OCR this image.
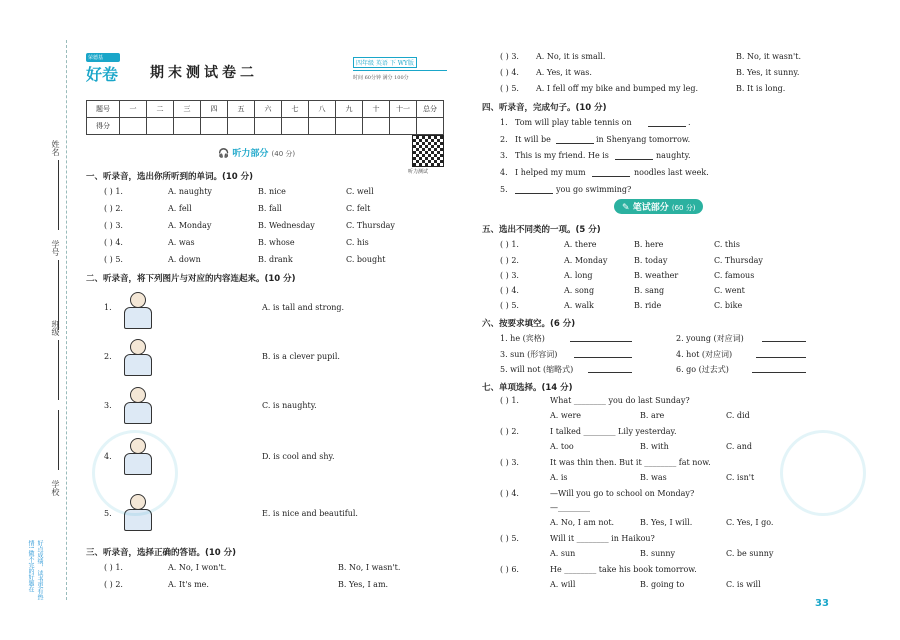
姓名
学号
班级
学校
好点成绩，读书更有热情! 做不完的好题在
荣德基
好卷 期末测试卷二
四年级 英语 下 WY版
时间 60分钟 满分 100分
题号	一	二	三	四	五	六	七	八	九	十	十一	总分
得分												
听力测试
🎧 听力部分 (40 分)
一、听录音，选出你所听到的单词。(10 分)
( ) 1.	A. naughty	B. nice	C. well
( ) 2.	A. fell	B. fall	C. felt
( ) 3.	A. Monday	B. Wednesday	C. Thursday
( ) 4.	A. was	B. whose	C. his
( ) 5.	A. down	B. drank	C. bought
二、听录音，将下列图片与对应的内容连起来。(10 分)
1.	A. is tall and strong.
2.	B. is a clever pupil.
3.	C. is naughty.
4.	D. is cool and shy.
5.	E. is nice and beautiful.
三、听录音，选择正确的答语。(10 分)
( ) 1.	A. No, I won't.	B. No, I wasn't.
( ) 2.	A. It's me.	B. Yes, I am.
( ) 3. A. No, it is small.	B. No, it wasn't.
( ) 4. A. Yes, it was.	B. Yes, it sunny.
( ) 5. A. I fell off my bike and bumped my leg.	B. It is long.
四、听录音，完成句子。(10 分)
1. Tom will play table tennis on	.
2. It will be	in Shenyang tomorrow.
3. This is my friend. He is	naughty.
4. I helped my mum	noodles last week.
5.	you go swimming?
✎ 笔试部分 (60 分)
五、选出不同类的一项。(5 分)
( ) 1.	A. there	B. here	C. this
( ) 2.	A. Monday	B. today	C. Thursday
( ) 3.	A. long	B. weather	C. famous
( ) 4.	A. song	B. sang	C. went
( ) 5.	A. walk	B. ride	C. bike
六、按要求填空。(6 分)
1. he (宾格)	2. young (对应词)
3. sun (形容词)	4. hot (对应词)
5. will not (缩略式)	6. go (过去式)
七、单项选择。(14 分)
( ) 1.	What ________ you do last Sunday?
A. were	B. are	C. did
( ) 2.	I talked ________ Lily yesterday.
A. too	B. with	C. and
( ) 3.	It was thin then. But it ________ fat now.
A. is	B. was	C. isn't
( ) 4.	—Will you go to school on Monday?
—________
A. No, I am not.	B. Yes, I will.	C. Yes, I go.
( ) 5.	Will it ________ in Haikou?
A. sun	B. sunny	C. be sunny
( ) 6.	He ________ take his book tomorrow.
A. will	B. going to	C. is will
33
